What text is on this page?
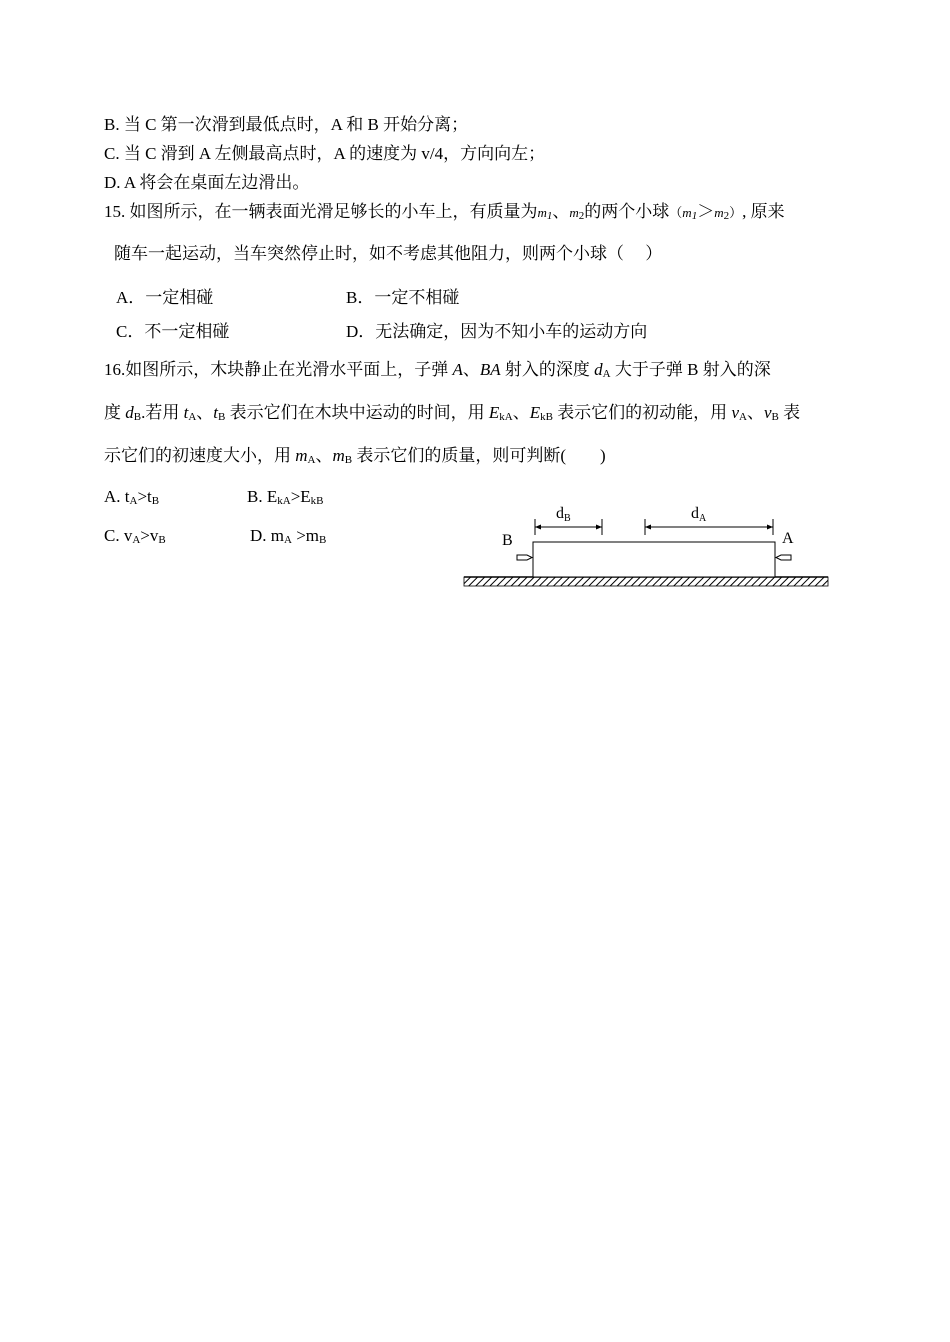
B. 当 C 第一次滑到最低点时，A 和 B 开始分离；
C. 当 C 滑到 A 左侧最高点时，A 的速度为 v/4，方向向左；
D. A 将会在桌面左边滑出。
15. 如图所示，在一辆表面光滑足够长的小车上，有质量为$m_1$、$m_2$的两个小球$(m_1>m_2)$, 原来
随车一起运动，当车突然停止时，如不考虑其他阻力，则两个小球（　 ）
A．一定相碰	B．一定不相碰
C．不一定相碰	D．无法确定，因为不知小车的运动方向
16.如图所示，木块静止在光滑水平面上，子弹 A、BA 射入的深度 $d_A$ 大于子弹 B 射入的深
度 $d_B$.若用 $t_A$、$t_B$ 表示它们在木块中运动的时间，用 $E_{kA}$、$E_{kB}$ 表示它们的初动能，用 $v_A$、$v_B$ 表
示它们的初速度大小，用 $m_A$、$m_B$ 表示它们的质量，则可判断(　　)
A. $t_A>t_B$	B. $E_{kA}>E_{kB}$
C. $v_A>v_B$	D. $m_A >m_B$	B	A
dB	dA
